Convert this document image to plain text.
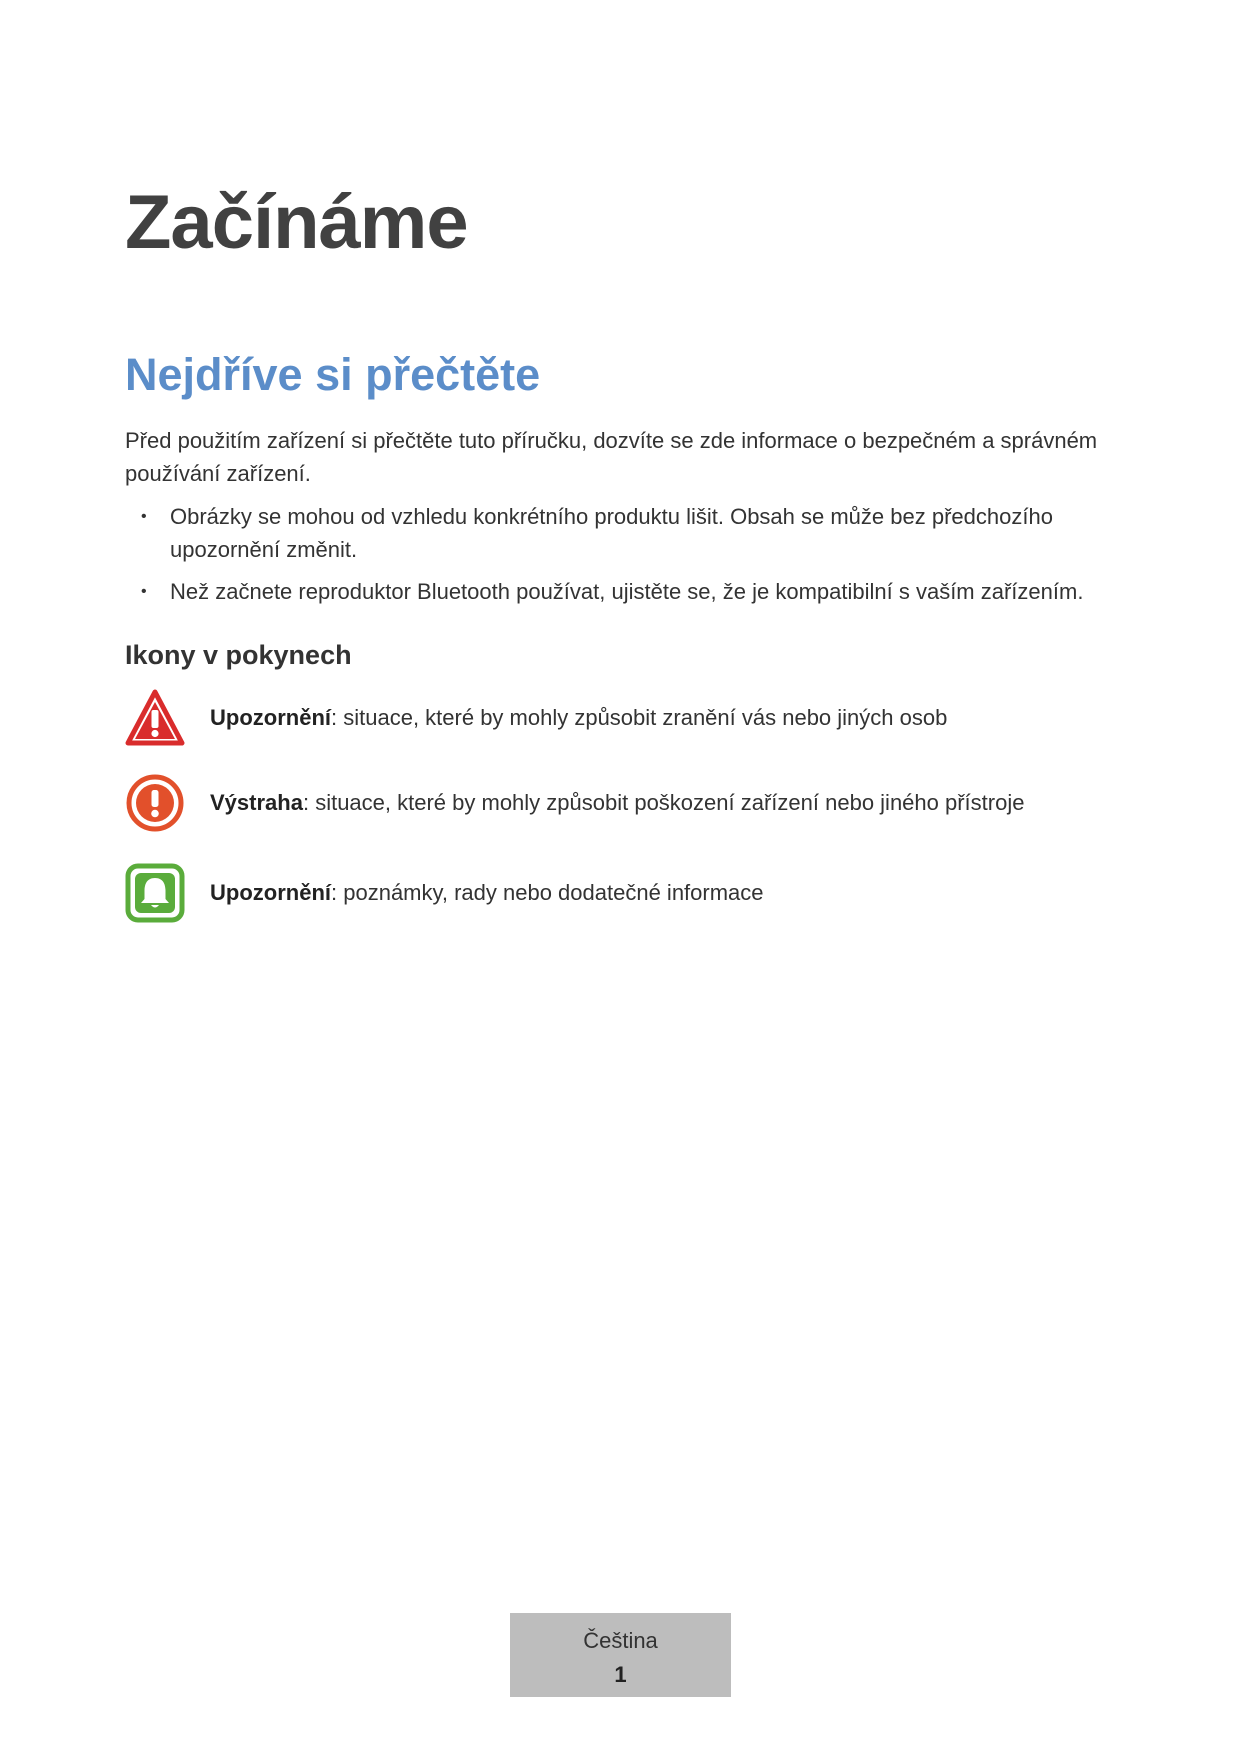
Začínáme
Nejdříve si přečtěte

Před použitím zařízení si přečtěte tuto příručku, dozvíte se zde informace o bezpečném a správném používání zařízení.

• Obrázky se mohou od vzhledu konkrétního produktu lišit. Obsah se může bez předchozího upozornění změnit.
• Než začnete reproduktor Bluetooth používat, ujistěte se, že je kompatibilní s vaším zařízením.
Ikony v pokynech
Upozornění: situace, které by mohly způsobit zranění vás nebo jiných osob
Výstraha: situace, které by mohly způsobit poškození zařízení nebo jiného přístroje
Upozornění: poznámky, rady nebo dodatečné informace
Čeština
1
